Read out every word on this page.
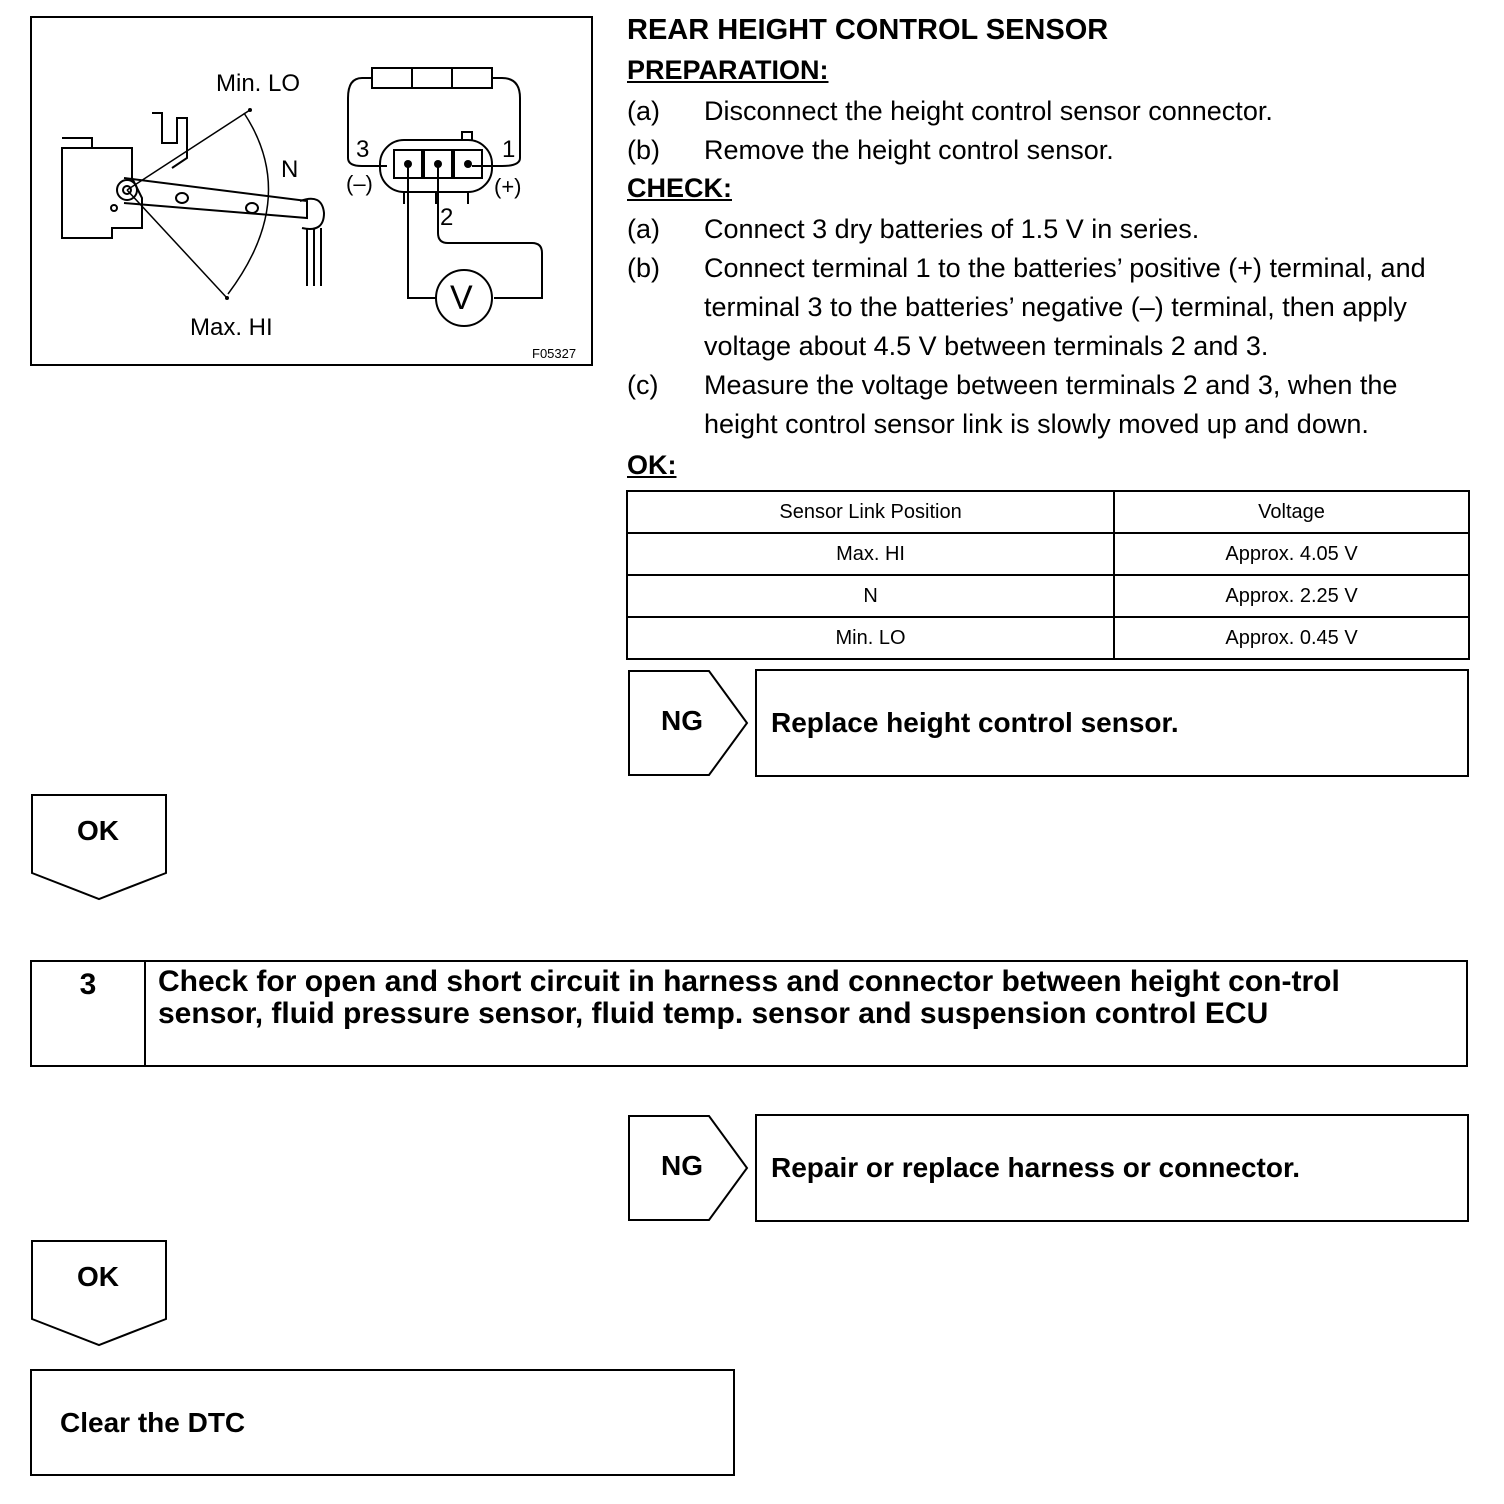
Min. LO
N
Max. HI
3	1
2
(–)	(+)
V
F05327
REAR HEIGHT CONTROL SENSOR

PREPARATION:

(a) Disconnect the height control sensor connector.
(b) Remove the height control sensor.

CHECK:

(a) Connect 3 dry batteries of 1.5 V in series.
(b) Connect terminal 1 to the batteries’ positive (+) terminal, and terminal 3 to the batteries’ negative (–) terminal, then apply voltage about 4.5 V between terminals 2 and 3.
(c) Measure the voltage between terminals 2 and 3, when the height control sensor link is slowly moved up and down.

OK:

Sensor Link Position	Voltage
Max. HI	Approx. 4.05 V
N	Approx. 2.25 V
Min. LO	Approx. 0.45 V
NG	Replace height control sensor.
OK
3	Check for open and short circuit in harness and connector between height con-trol sensor, fluid pressure sensor, fluid temp. sensor and suspension control ECU
NG	Repair or replace harness or connector.
OK
Clear the DTC
